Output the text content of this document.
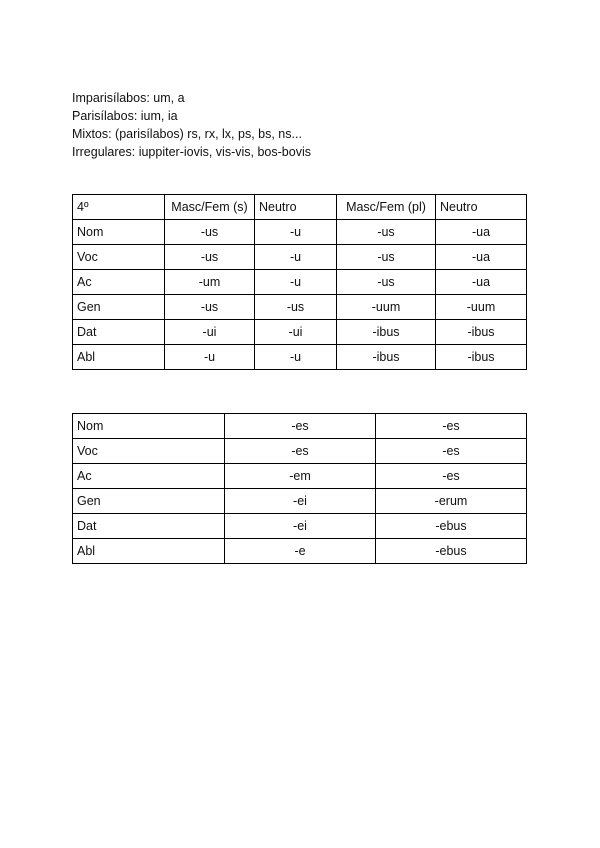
Imparisílabos: um, a
Parisílabos: ium, ia
Mixtos: (parisílabos) rs, rx, lx, ps, bs, ns...
Irregulares: iuppiter-iovis, vis-vis, bos-bovis
4º	Masc/Fem (s)	Neutro	Masc/Fem (pl)	Neutro
Nom	-us	-u	-us	-ua
Voc	-us	-u	-us	-ua
Ac	-um	-u	-us	-ua
Gen	-us	-us	-uum	-uum
Dat	-ui	-ui	-ibus	-ibus
Abl	-u	-u	-ibus	-ibus
Nom	-es	-es
Voc	-es	-es
Ac	-em	-es
Gen	-ei	-erum
Dat	-ei	-ebus
Abl	-e	-ebus
